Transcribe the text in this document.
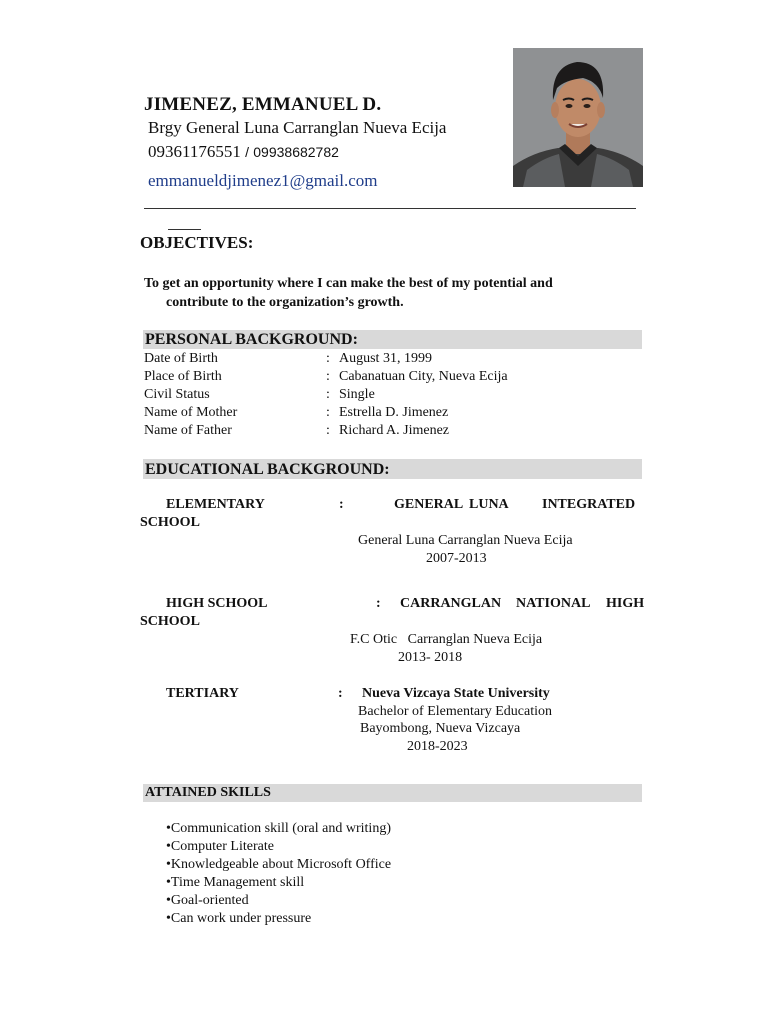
JIMENEZ, EMMANUEL D.
Brgy General Luna Carranglan Nueva Ecija
09361176551 / 09938682782
emmanueldjimenez1@gmail.com
OBJECTIVES:
To get an opportunity where I can make the best of my potential and
contribute to the organization’s growth.
PERSONAL BACKGROUND:
Date of Birth	: August 31, 1999
Place of Birth	: Cabanatuan City, Nueva Ecija
Civil Status	: Single
Name of Mother	: Estrella D. Jimenez
Name of Father	: Richard A. Jimenez
EDUCATIONAL BACKGROUND:
ELEMENTARY	:	GENERAL LUNA INTEGRATED
SCHOOL
General Luna Carranglan Nueva Ecija
2007-2013
HIGH SCHOOL	: CARRANGLAN NATIONAL HIGH
SCHOOL
F.C Otic   Carranglan Nueva Ecija
2013- 2018
TERTIARY	: Nueva Vizcaya State University
Bachelor of Elementary Education
Bayombong, Nueva Vizcaya
2018-2023
ATTAINED SKILLS
•Communication skill (oral and writing)
•Computer Literate
•Knowledgeable about Microsoft Office
•Time Management skill
•Goal-oriented
•Can work under pressure
